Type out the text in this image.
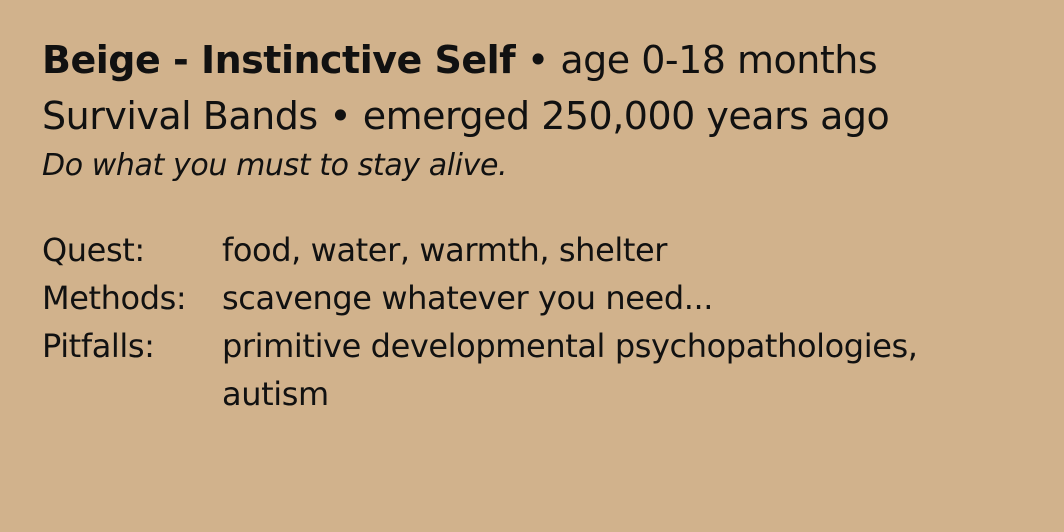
Beige - Instinctive Self • age 0-18 months
Survival Bands • emerged 250,000 years ago
Do what you must to stay alive.
Quest:	food, water, warmth, shelter
Methods:	scavenge whatever you need...
Pitfalls:	primitive developmental psychopathologies, autism
